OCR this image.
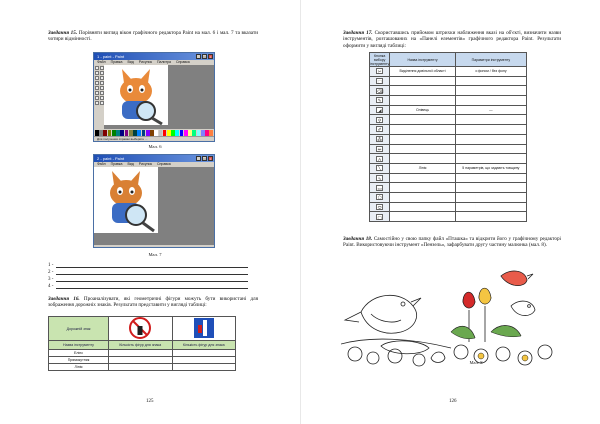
Завдання 15. Порівняти вигляд вікон графічного редактора Paint на мал. 6 і мал. 7 та вказати чотири відмінності.
1 - paint - Paint	_	□	×
Файл Правка Вид Рисунок Палитра Справка
Для получения справки выберите ...
Мал. 6
2 - paint - Paint	_	□	×
Файл Правка Вид Рисунок Справка
Мал. 7
1 -
2 -
3 -
4 -
Завдання 16. Проаналізувати, які геометричні фігури можуть бути використані для зображення дорожніх знаків. Результати представити у вигляді таблиці:
Дорожній знак		
Назва інструменту	Кількість фігур для знака	Кількість фігур для знака
Еліпс		
Прямокутник		
Лінія		
125
Завдання 17. Скориставшись прийомом штрихки наближення вказі на об'єкті, визначити назви інструментів, розташованих на «Панелі елементів» графічного редактора Paint. Результати оформити у вигляді таблиці:
Кнопка вибору інструменту	Назва інструменту	Параметри інструменту
✂	Виділення довільної області	з фоном / без фону
⬚		
⌫		
✎		
◢	Олівець	—
⚲		
✐		
⁂		
✏		
A		
╲	Лінія	5 параметрів, що задають товщину
∿		
▭		
⬠		
⬭		
▢		
Завдання 18. Самостійно у свою папку файл «Пташка» та відкрити його у графічному редакторі Paint. Використовуючи інструмент «Пензель», зафарбувати другу частину малюнка (мал. 8).
Мал. 8
126
